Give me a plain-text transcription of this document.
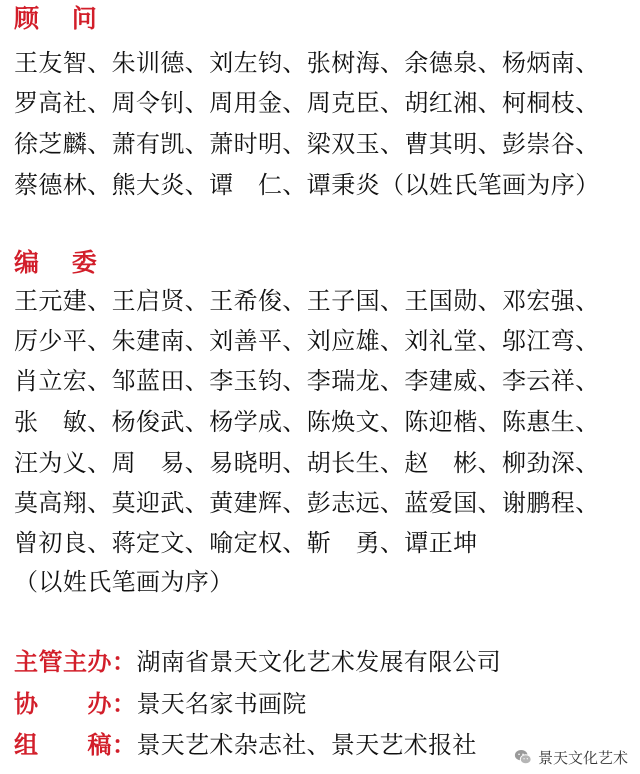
顾 问
王友智、朱训德、刘左钧、张树海、余德泉、杨炳南、
罗高社、周令钊、周用金、周克臣、胡红湘、柯桐枝、
徐芝麟、萧有凯、萧时明、梁双玉、曹其明、彭崇谷、
蔡德林、熊大炎、谭　仁、谭秉炎（以姓氏笔画为序）
编 委
王元建、王启贤、王希俊、王子国、王国勋、邓宏强、
厉少平、朱建南、刘善平、刘应雄、刘礼堂、邬江弯、
肖立宏、邹蓝田、李玉钧、李瑞龙、李建威、李云祥、
张　敏、杨俊武、杨学成、陈焕文、陈迎楷、陈惠生、
汪为义、周　易、易晓明、胡长生、赵　彬、柳劲深、
莫高翔、莫迎武、黄建辉、彭志远、蓝爱国、谢鹏程、
曾初良、蒋定文、喻定权、靳　勇、谭正坤
（以姓氏笔画为序）
主管主办：湖南省景天文化艺术发展有限公司
协　　办：景天名家书画院
组　　稿：景天艺术杂志社、景天艺术报社	景天文化艺术
